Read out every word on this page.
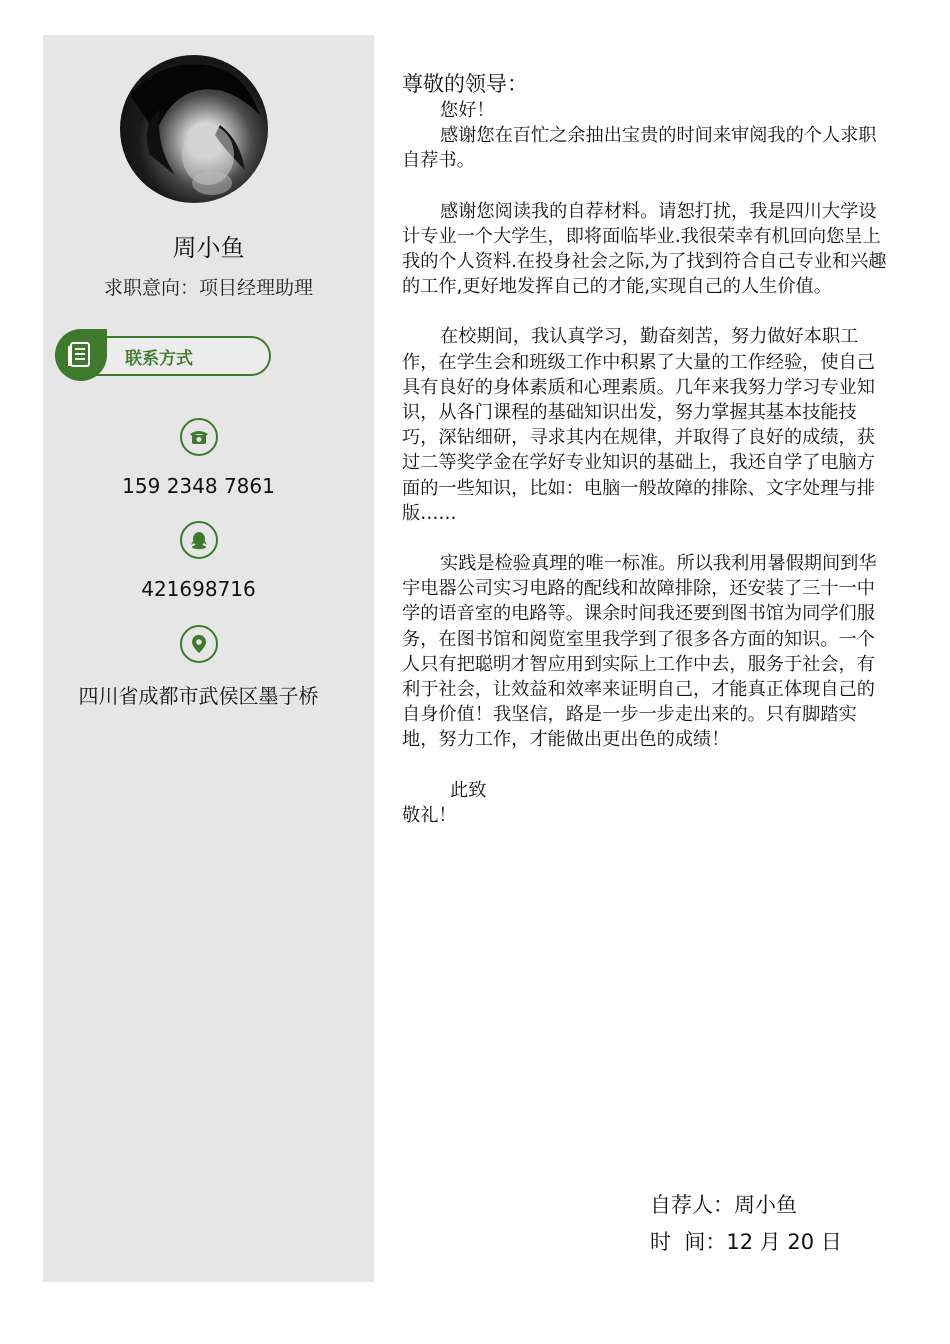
周小鱼
求职意向：项目经理助理
联系方式
159 2348 7861
421698716
四川省成都市武侯区墨子桥

尊敬的领导：

您好！

感谢您在百忙之余抽出宝贵的时间来审阅我的个人求职自荐书。

感谢您阅读我的自荐材料。请恕打扰，我是四川大学设计专业一个大学生，即将面临毕业.我很荣幸有机回向您呈上我的个人资料.在投身社会之际,为了找到符合自己专业和兴趣的工作,更好地发挥自己的才能,实现自己的人生价值。

在校期间，我认真学习，勤奋刻苦，努力做好本职工作，在学生会和班级工作中积累了大量的工作经验，使自己具有良好的身体素质和心理素质。几年来我努力学习专业知识，从各门课程的基础知识出发，努力掌握其基本技能技巧，深钻细研，寻求其内在规律，并取得了良好的成绩，获过二等奖学金在学好专业知识的基础上，我还自学了电脑方面的一些知识，比如：电脑一般故障的排除、文字处理与排版……

实践是检验真理的唯一标准。所以我利用暑假期间到华宇电器公司实习电路的配线和故障排除，还安装了三十一中学的语音室的电路等。课余时间我还要到图书馆为同学们服务，在图书馆和阅览室里我学到了很多各方面的知识。一个人只有把聪明才智应用到实际上工作中去，服务于社会，有利于社会，让效益和效率来证明自己，才能真正体现自己的自身价值！我坚信，路是一步一步走出来的。只有脚踏实地，努力工作，才能做出更出色的成绩！

此致

敬礼！

自荐人：周小鱼
时  间：12 月 20 日
